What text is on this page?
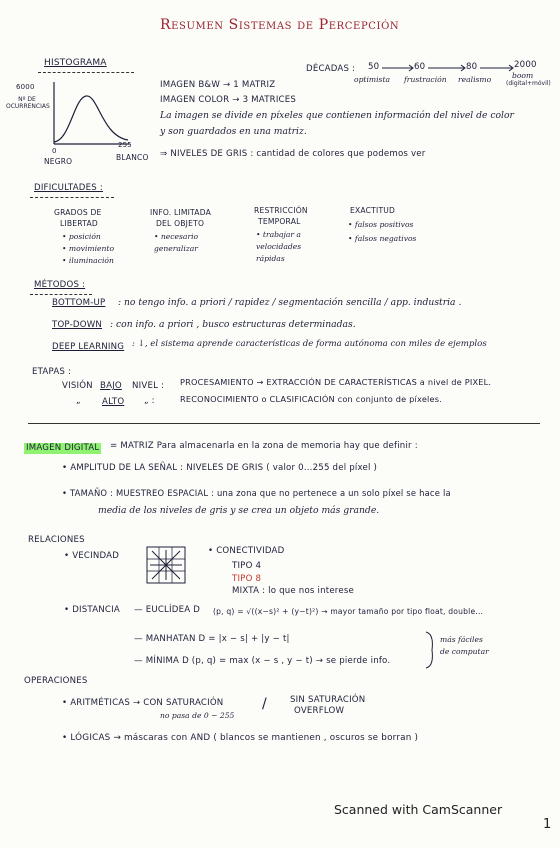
Resumen Sistemas de Percepción
HISTOGRAMA
6000
Nº DE OCURRENCIAS
0
255
NEGRO	BLANCO
DÉCADAS : 50	60	80	2000
optimista frustración realismo	boom
(digital+móvil)
IMAGEN B&W → 1 MATRIZ
IMAGEN COLOR → 3 MATRICES
La imagen se divide en píxeles que contienen información del nivel de color
y son guardados en una matriz.
⇒ NIVELES DE GRIS : cantidad de colores que podemos ver
DIFICULTADES :
GRADOS DE
LIBERTAD
• posición
• movimiento
• iluminación
INFO. LIMITADA
DEL OBJETO
• necesario
generalizar
RESTRICCIÓN
TEMPORAL
• trabajar a
velocidades
rápidas
EXACTITUD
• falsos positivos
• falsos negativos
MÉTODOS :
BOTTOM-UP : no tengo info. a priori / rapidez / segmentación sencilla / app. industria .
TOP-DOWN : con info. a priori , busco estructuras determinadas.
DEEP LEARNING : ↓, el sistema aprende características de forma autónoma con miles de ejemplos
ETAPAS :
VISIÓN BAJO NIVEL : PROCESAMIENTO → EXTRACCIÓN DE CARACTERÍSTICAS a nivel de PIXEL.
„ ALTO „ :	RECONOCIMIENTO o CLASIFICACIÓN con conjunto de píxeles.
IMAGEN DIGITAL = MATRIZ Para almacenarla en la zona de memoria hay que definir :
• AMPLITUD DE LA SEÑAL : NIVELES DE GRIS ( valor 0...255 del píxel )
• TAMAÑO : MUESTREO ESPACIAL : una zona que no pertenece a un solo píxel se hace la
media de los niveles de gris y se crea un objeto más grande.
RELACIONES
• VECINDAD	• CONECTIVIDAD
TIPO 4
TIPO 8
MIXTA : lo que nos interese
• DISTANCIA — EUCLÍDEA D (p, q) = √((x−s)² + (y−t)²) → mayor tamaño por tipo float, double...
— MANHATAN D = |x − s| + |y − t|
— MÍNIMA D (p, q) = max (x − s , y − t) → se pierde info.
más fáciles
de computar
OPERACIONES
• ARITMÉTICAS → CON SATURACIÓN
no pasa de 0 − 255
/	SIN SATURACIÓN
OVERFLOW
• LÓGICAS → máscaras con AND ( blancos se mantienen , oscuros se borran )
Scanned with CamScanner
1
